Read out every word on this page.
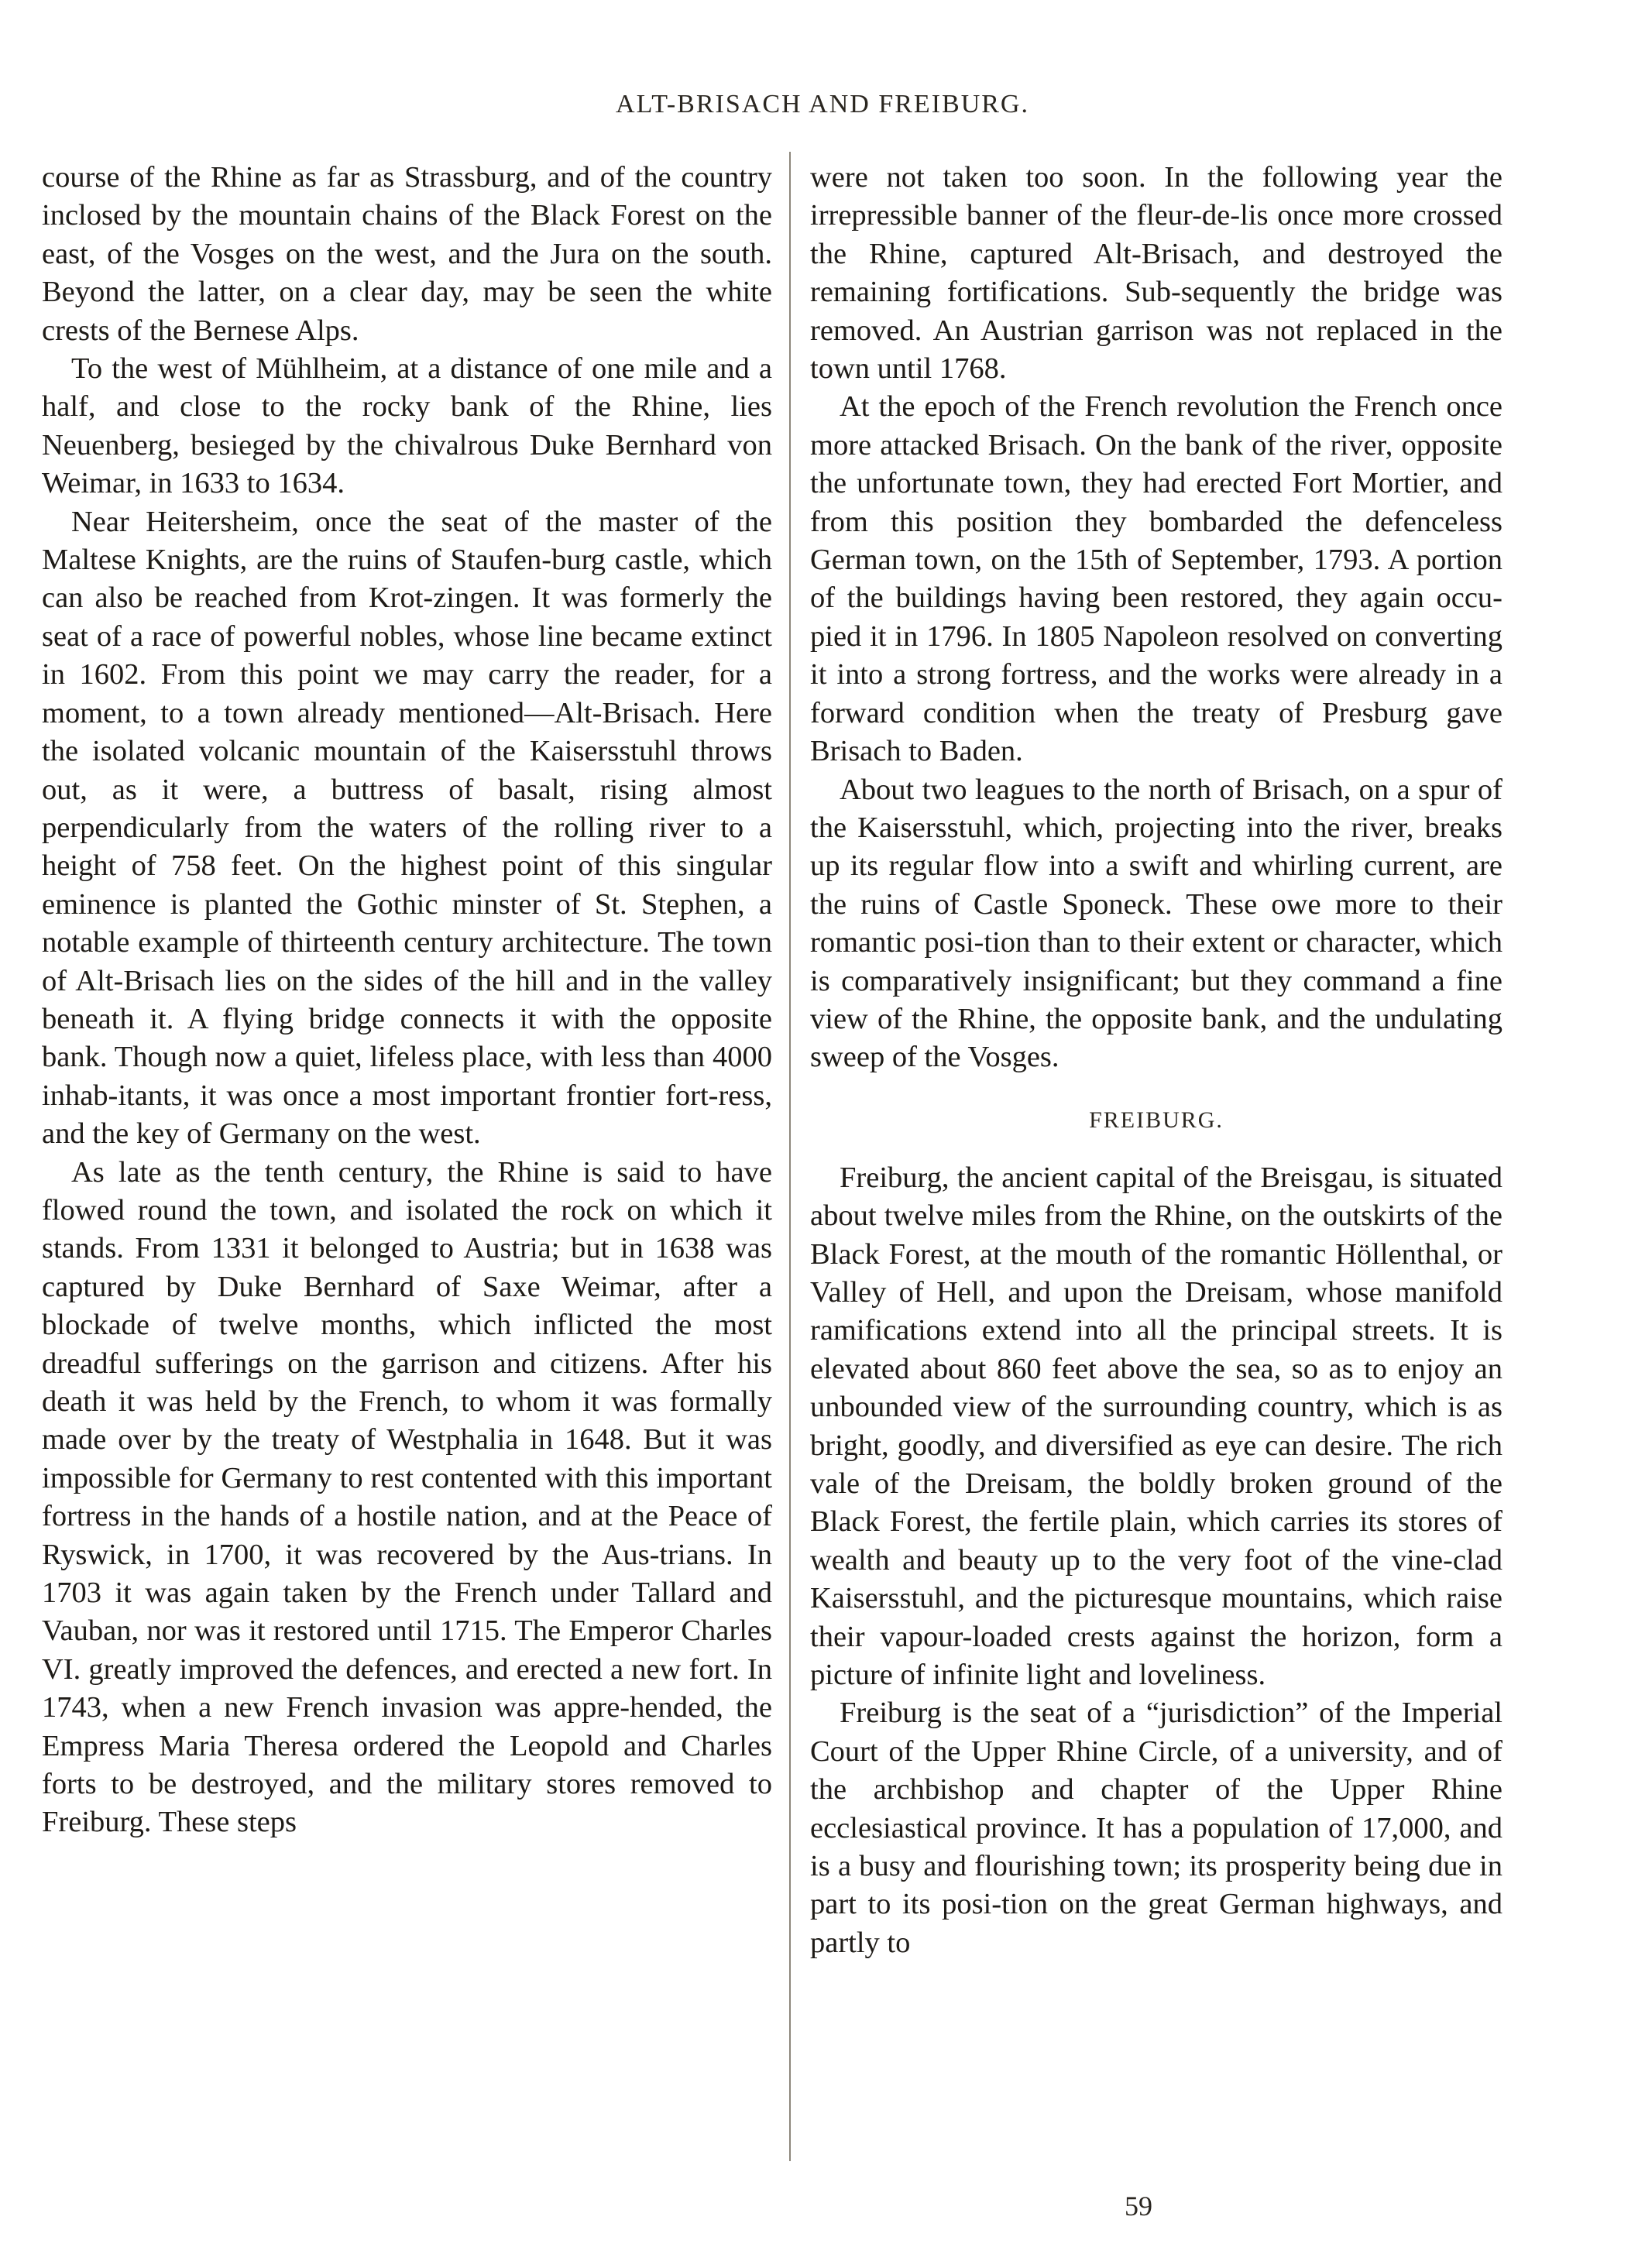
ALT-BRISACH AND FREIBURG.

course of the Rhine as far as Strassburg, and of the country inclosed by the mountain chains of the Black Forest on the east, of the Vosges on the west, and the Jura on the south. Beyond the latter, on a clear day, may be seen the white crests of the Bernese Alps.

To the west of Mühlheim, at a distance of one mile and a half, and close to the rocky bank of the Rhine, lies Neuenberg, besieged by the chivalrous Duke Bernhard von Weimar, in 1633 to 1634.

Near Heitersheim, once the seat of the master of the Maltese Knights, are the ruins of Staufen-burg castle, which can also be reached from Krot-zingen. It was formerly the seat of a race of powerful nobles, whose line became extinct in 1602. From this point we may carry the reader, for a moment, to a town already mentioned—Alt-Brisach. Here the isolated volcanic mountain of the Kaisersstuhl throws out, as it were, a buttress of basalt, rising almost perpendicularly from the waters of the rolling river to a height of 758 feet. On the highest point of this singular eminence is planted the Gothic minster of St. Stephen, a notable example of thirteenth century architecture. The town of Alt-Brisach lies on the sides of the hill and in the valley beneath it. A flying bridge connects it with the opposite bank. Though now a quiet, lifeless place, with less than 4000 inhab-itants, it was once a most important frontier fort-ress, and the key of Germany on the west.

As late as the tenth century, the Rhine is said to have flowed round the town, and isolated the rock on which it stands. From 1331 it belonged to Austria; but in 1638 was captured by Duke Bernhard of Saxe Weimar, after a blockade of twelve months, which inflicted the most dreadful sufferings on the garrison and citizens. After his death it was held by the French, to whom it was formally made over by the treaty of Westphalia in 1648. But it was impossible for Germany to rest contented with this important fortress in the hands of a hostile nation, and at the Peace of Ryswick, in 1700, it was recovered by the Aus-trians. In 1703 it was again taken by the French under Tallard and Vauban, nor was it restored until 1715. The Emperor Charles VI. greatly improved the defences, and erected a new fort. In 1743, when a new French invasion was appre-hended, the Empress Maria Theresa ordered the Leopold and Charles forts to be destroyed, and the military stores removed to Freiburg. These steps

were not taken too soon. In the following year the irrepressible banner of the fleur-de-lis once more crossed the Rhine, captured Alt-Brisach, and destroyed the remaining fortifications. Sub-sequently the bridge was removed. An Austrian garrison was not replaced in the town until 1768.

At the epoch of the French revolution the French once more attacked Brisach. On the bank of the river, opposite the unfortunate town, they had erected Fort Mortier, and from this position they bombarded the defenceless German town, on the 15th of September, 1793. A portion of the buildings having been restored, they again occu-pied it in 1796. In 1805 Napoleon resolved on converting it into a strong fortress, and the works were already in a forward condition when the treaty of Presburg gave Brisach to Baden.

About two leagues to the north of Brisach, on a spur of the Kaisersstuhl, which, projecting into the river, breaks up its regular flow into a swift and whirling current, are the ruins of Castle Sponeck. These owe more to their romantic posi-tion than to their extent or character, which is comparatively insignificant; but they command a fine view of the Rhine, the opposite bank, and the undulating sweep of the Vosges.

FREIBURG.

Freiburg, the ancient capital of the Breisgau, is situated about twelve miles from the Rhine, on the outskirts of the Black Forest, at the mouth of the romantic Höllenthal, or Valley of Hell, and upon the Dreisam, whose manifold ramifications extend into all the principal streets. It is elevated about 860 feet above the sea, so as to enjoy an unbounded view of the surrounding country, which is as bright, goodly, and diversified as eye can desire. The rich vale of the Dreisam, the boldly broken ground of the Black Forest, the fertile plain, which carries its stores of wealth and beauty up to the very foot of the vine-clad Kaisersstuhl, and the picturesque mountains, which raise their vapour-loaded crests against the horizon, form a picture of infinite light and loveliness.

Freiburg is the seat of a “jurisdiction” of the Imperial Court of the Upper Rhine Circle, of a university, and of the archbishop and chapter of the Upper Rhine ecclesiastical province. It has a population of 17,000, and is a busy and flourishing town; its prosperity being due in part to its posi-tion on the great German highways, and partly to

59
